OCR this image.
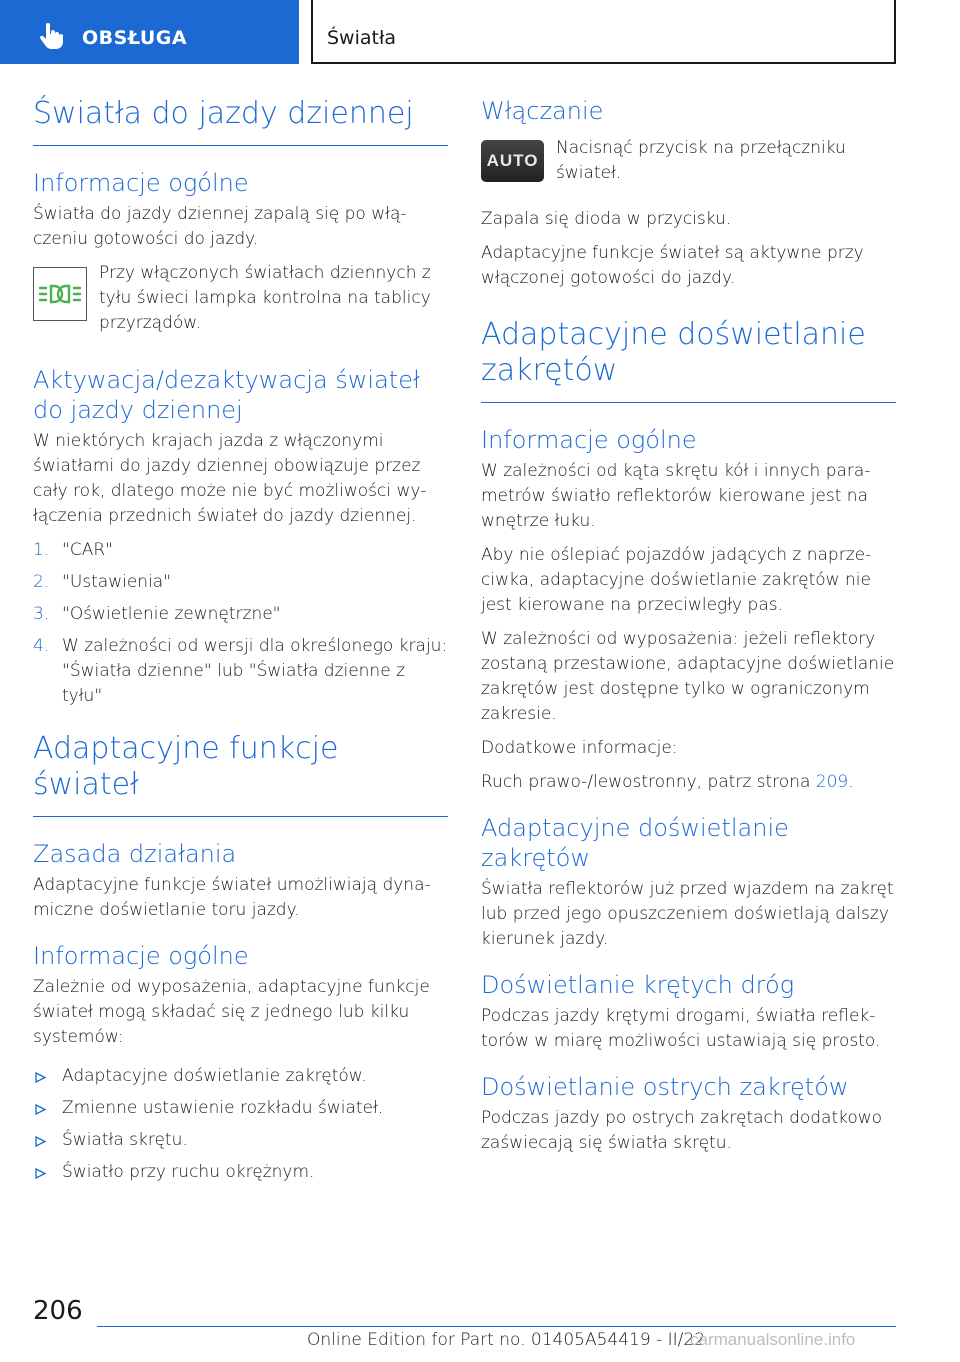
OBSŁUGA	Światła
Światła do jazdy dziennej
Informacje ogólne
Światła do jazdy dziennej zapalą się po włączeniu gotowości do jazdy.
Przy włączonych światłach dziennych z tyłu świeci lampka kontrolna na tablicy przyrządów.
Aktywacja/dezaktywacja świateł do jazdy dziennej
W niektórych krajach jazda z włączonymi światłami do jazdy dziennej obowiązuje przez cały rok, dlatego może nie być możliwości wyłączenia przednich świateł do jazdy dziennej.
1. "CAR"
2. "Ustawienia"
3. "Oświetlenie zewnętrzne"
4. W zależności od wersji dla określonego kraju: "Światła dzienne" lub "Światła dzienne z tyłu"
Adaptacyjne funkcje świateł
Zasada działania
Adaptacyjne funkcje świateł umożliwiają dynamiczne doświetlanie toru jazdy.
Informacje ogólne
Zależnie od wyposażenia, adaptacyjne funkcje świateł mogą składać się z jednego lub kilku systemów:
Adaptacyjne doświetlanie zakrętów.
Zmienne ustawienie rozkładu świateł.
Światła skrętu.
Światło przy ruchu okrężnym.
Włączanie
AUTO
Nacisnąć przycisk na przełączniku świateł.
Zapala się dioda w przycisku.
Adaptacyjne funkcje świateł są aktywne przy włączonej gotowości do jazdy.
Adaptacyjne doświetlanie zakrętów
Informacje ogólne
W zależności od kąta skrętu kół i innych parametrów światło reflektorów kierowane jest na wnętrze łuku.
Aby nie oślepiać pojazdów jadących z naprzeciwka, adaptacyjne doświetlanie zakrętów nie jest kierowane na przeciwległy pas.
W zależności od wyposażenia: jeżeli reflektory zostaną przestawione, adaptacyjne doświetlanie zakrętów jest dostępne tylko w ograniczonym zakresie.
Dodatkowe informacje:
Ruch prawo-/lewostronny, patrz strona 209.
Adaptacyjne doświetlanie zakrętów
Światła reflektorów już przed wjazdem na zakręt lub przed jego opuszczeniem doświetlają dalszy kierunek jazdy.
Doświetlanie krętych dróg
Podczas jazdy krętymi drogami, światła reflektorów w miarę możliwości ustawiają się prosto.
Doświetlanie ostrych zakrętów
Podczas jazdy po ostrych zakrętach dodatkowo zaświecają się światła skrętu.
206
Online Edition for Part no. 01405A54419 - II/22
carmanualsonline.info
